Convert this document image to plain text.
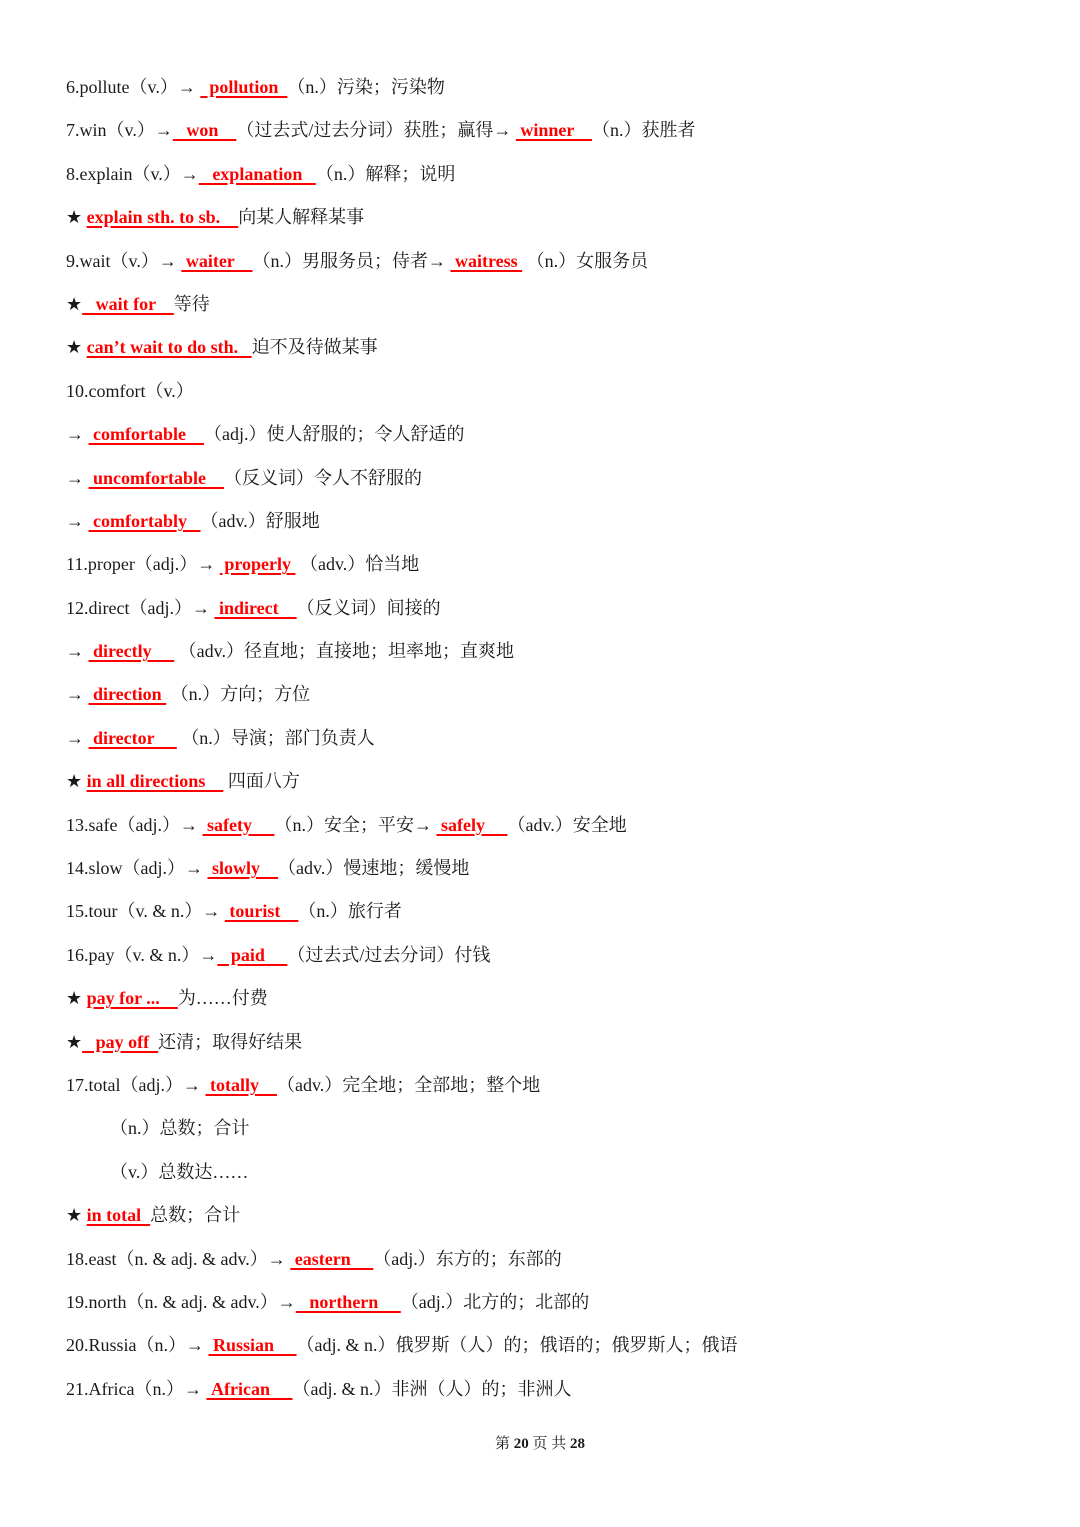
6.pollute（v.）→   pollution  （n.）污染；污染物
7.win（v.）→   won    （过去式/过去分词）获胜；赢得→  winner    （n.）获胜者
8.explain（v.）→   explanation   （n.）解释；说明
★ explain sth. to sb.    向某人解释某事
9.wait（v.）→  waiter    （n.）男服务员；侍者→  waitress  （n.）女服务员
★   wait for    等待
★ can’t wait to do sth.   迫不及待做某事
10.comfort（v.）
→  comfortable    （adj.）使人舒服的；令人舒适的
→  uncomfortable    （反义词）令人不舒服的
→  comfortably   （adv.）舒服地
11.proper（adj.）→  properly  （adv.）恰当地
12.direct（adj.）→  indirect    （反义词）间接的
→  directly      （adv.）径直地；直接地；坦率地；直爽地
→  direction  （n.）方向；方位
→  director      （n.）导演；部门负责人
★ in all directions     四面八方
13.safe（adj.）→  safety     （n.）安全；平安→  safely     （adv.）安全地
14.slow（adj.）→  slowly    （adv.）慢速地；缓慢地
15.tour（v. & n.）→  tourist    （n.）旅行者
16.pay（v. & n.）→   paid     （过去式/过去分词）付钱
★ pay for ...    为……付费
★   pay off  还清；取得好结果
17.total（adj.）→  totally    （adv.）完全地；全部地；整个地
（n.）总数；合计
（v.）总数达……
★ in total  总数；合计
18.east（n. & adj. & adv.）→  eastern     （adj.）东方的；东部的
19.north（n. & adj. & adv.）→   northern     （adj.）北方的；北部的
20.Russia（n.）→  Russian     （adj. & n.）俄罗斯（人）的；俄语的；俄罗斯人；俄语
21.Africa（n.）→  African     （adj. & n.）非洲（人）的；非洲人
第 20 页 共 28
